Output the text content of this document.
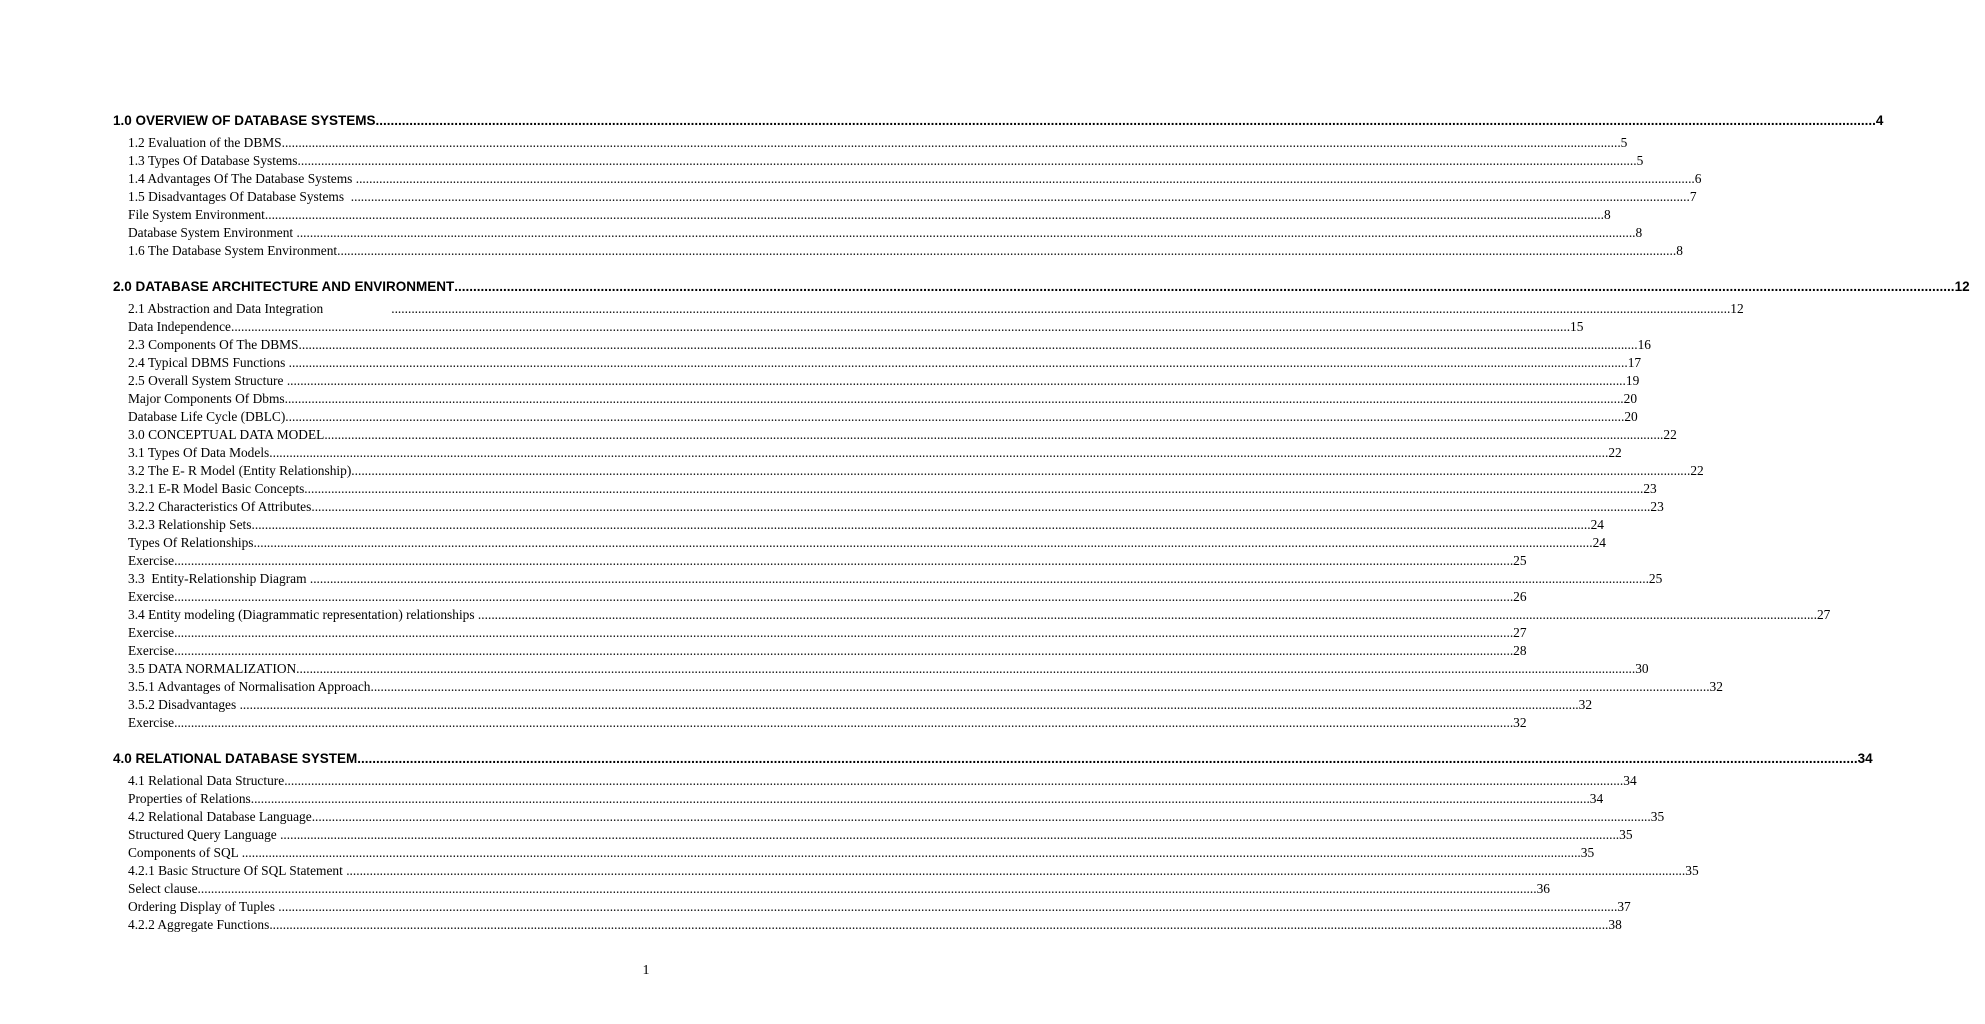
1.0 OVERVIEW OF DATABASE SYSTEMS ................................................................................................................................................................................................................................................................................................................................................................................................................ 4
1.2 Evaluation of the DBMS ................................................................................................................................................................................................................................................................................................................................................................................................................ 5
1.3 Types Of Database Systems ................................................................................................................................................................................................................................................................................................................................................................................................................ 5
1.4 Advantages Of The Database Systems ................................................................................................................................................................................................................................................................................................................................................................................................................ 6
1.5 Disadvantages Of Database Systems ................................................................................................................................................................................................................................................................................................................................................................................................................ 7
File System Environment ................................................................................................................................................................................................................................................................................................................................................................................................................ 8
Database System Environment ................................................................................................................................................................................................................................................................................................................................................................................................................ 8
1.6 The Database System Environment ................................................................................................................................................................................................................................................................................................................................................................................................................ 8
2.0 DATABASE ARCHITECTURE AND ENVIRONMENT ................................................................................................................................................................................................................................................................................................................................................................................................................ 12
2.1 Abstraction and Data Integration	................................................................................................................................................................................................................................................................................................................................................................................................................ 12
Data Independence ................................................................................................................................................................................................................................................................................................................................................................................................................ 15
2.3 Components Of The DBMS ................................................................................................................................................................................................................................................................................................................................................................................................................ 16
2.4 Typical DBMS Functions ................................................................................................................................................................................................................................................................................................................................................................................................................ 17
2.5 Overall System Structure ................................................................................................................................................................................................................................................................................................................................................................................................................ 19
Major Components Of Dbms ................................................................................................................................................................................................................................................................................................................................................................................................................ 20
Database Life Cycle (DBLC) ................................................................................................................................................................................................................................................................................................................................................................................................................ 20
3.0 CONCEPTUAL DATA MODEL ................................................................................................................................................................................................................................................................................................................................................................................................................ 22
3.1 Types Of Data Models ................................................................................................................................................................................................................................................................................................................................................................................................................ 22
3.2 The E- R Model (Entity Relationship) ................................................................................................................................................................................................................................................................................................................................................................................................................ 22
3.2.1 E-R Model Basic Concepts ................................................................................................................................................................................................................................................................................................................................................................................................................ 23
3.2.2 Characteristics Of Attributes ................................................................................................................................................................................................................................................................................................................................................................................................................ 23
3.2.3 Relationship Sets ................................................................................................................................................................................................................................................................................................................................................................................................................ 24
Types Of Relationships ................................................................................................................................................................................................................................................................................................................................................................................................................ 24
Exercise ................................................................................................................................................................................................................................................................................................................................................................................................................ 25
3.3  Entity-Relationship Diagram ................................................................................................................................................................................................................................................................................................................................................................................................................ 25
Exercise ................................................................................................................................................................................................................................................................................................................................................................................................................ 26
3.4 Entity modeling (Diagrammatic representation) relationships ................................................................................................................................................................................................................................................................................................................................................................................................................ 27
Exercise ................................................................................................................................................................................................................................................................................................................................................................................................................ 27
Exercise ................................................................................................................................................................................................................................................................................................................................................................................................................ 28
3.5 DATA NORMALIZATION ................................................................................................................................................................................................................................................................................................................................................................................................................ 30
3.5.1 Advantages of Normalisation Approach ................................................................................................................................................................................................................................................................................................................................................................................................................ 32
3.5.2 Disadvantages ................................................................................................................................................................................................................................................................................................................................................................................................................ 32
Exercise ................................................................................................................................................................................................................................................................................................................................................................................................................ 32
4.0 RELATIONAL DATABASE SYSTEM ................................................................................................................................................................................................................................................................................................................................................................................................................ 34
4.1 Relational Data Structure ................................................................................................................................................................................................................................................................................................................................................................................................................ 34
Properties of Relations ................................................................................................................................................................................................................................................................................................................................................................................................................ 34
4.2 Relational Database Language ................................................................................................................................................................................................................................................................................................................................................................................................................ 35
Structured Query Language ................................................................................................................................................................................................................................................................................................................................................................................................................ 35
Components of SQL ................................................................................................................................................................................................................................................................................................................................................................................................................ 35
4.2.1 Basic Structure Of SQL Statement ................................................................................................................................................................................................................................................................................................................................................................................................................ 35
Select clause ................................................................................................................................................................................................................................................................................................................................................................................................................ 36
Ordering Display of Tuples ................................................................................................................................................................................................................................................................................................................................................................................................................ 37
4.2.2 Aggregate Functions ................................................................................................................................................................................................................................................................................................................................................................................................................ 38
1
